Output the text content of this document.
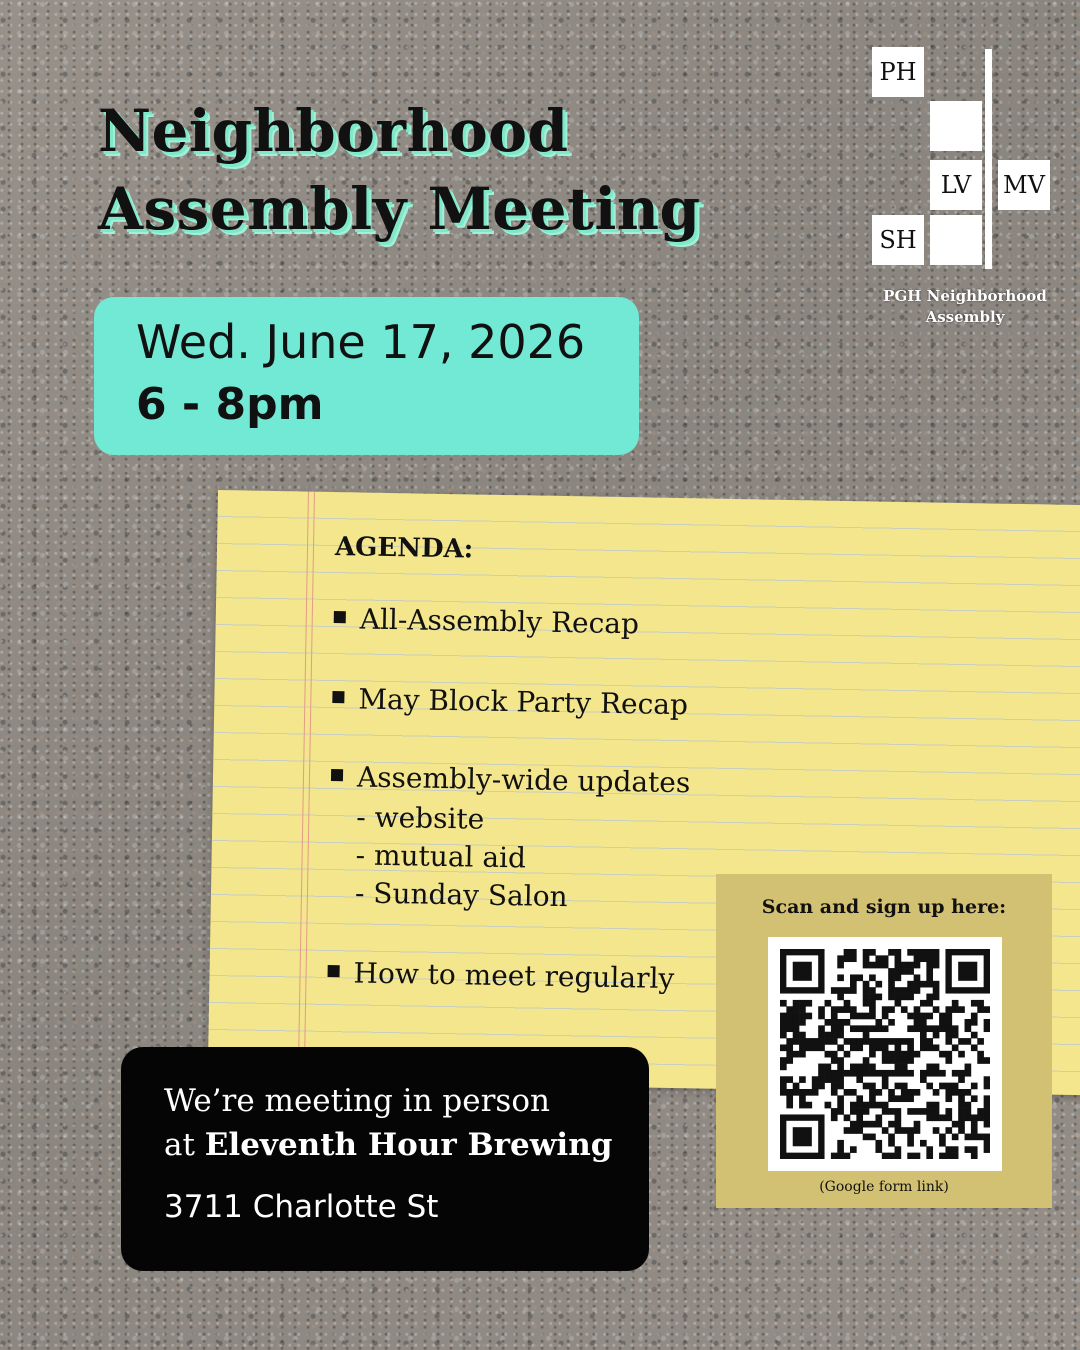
Neighborhood
Assembly Meeting
PH
LV	MV
SH
PGH Neighborhood
Assembly

Wed. June 17, 2026

6 - 8pm

AGENDA:

All-Assembly Recap

May Block Party Recap

Assembly-wide updates

- website

- mutual aid

- Sunday Salon

How to meet regularly

We’re meeting in person

at Eleventh Hour Brewing

3711 Charlotte St

Scan and sign up here:

(Google form link)
